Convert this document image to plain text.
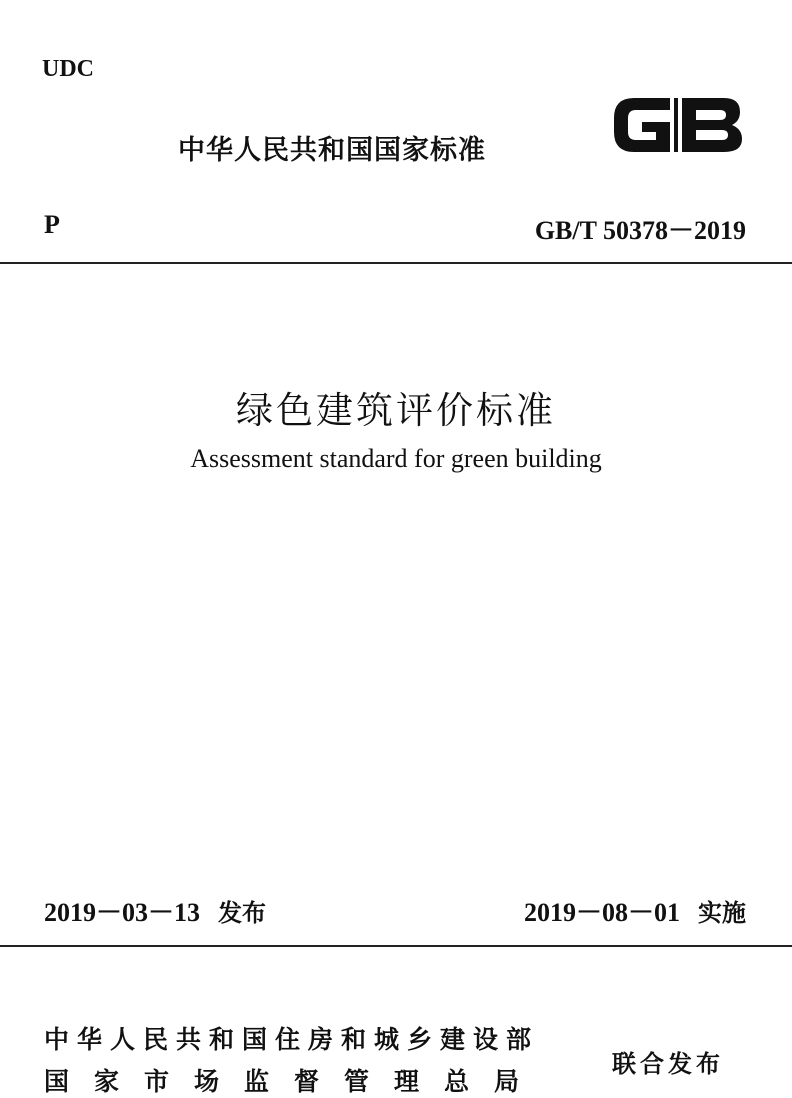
UDC
中华人民共和国国家标准
P	GB/T 50378－2019
绿色建筑评价标准
Assessment standard for green building
2019－03－13 发布	2019－08－01 实施
中华人民共和国住房和城乡建设部
国家市场监督管理总局
联合发布
